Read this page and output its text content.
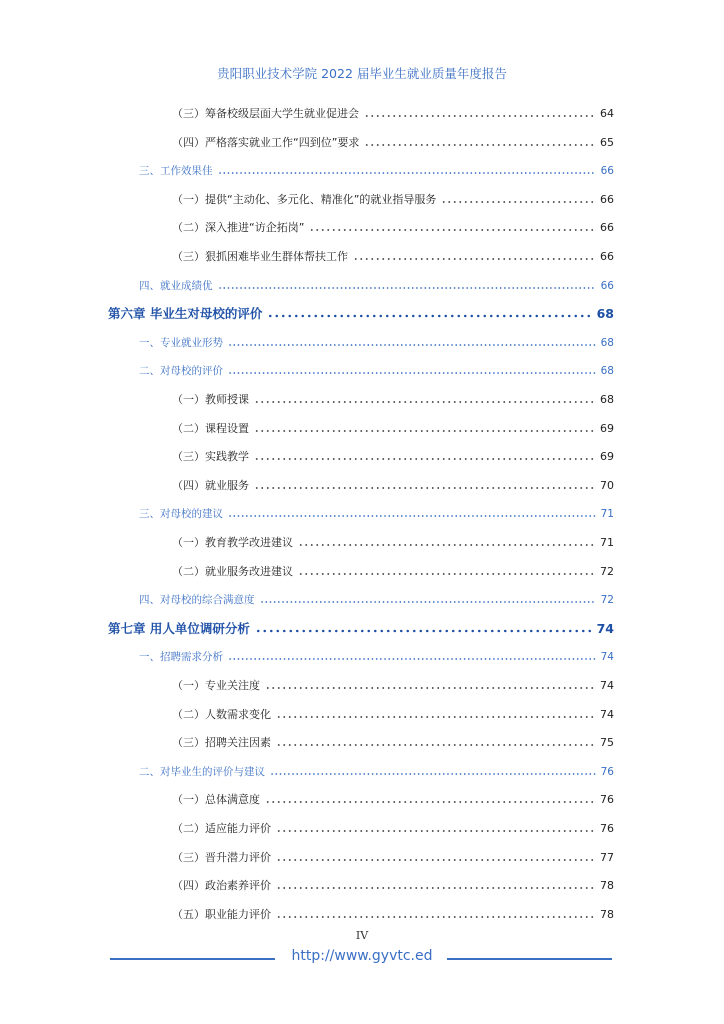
贵阳职业技术学院 2022 届毕业生就业质量年度报告
（三）筹备校级层面大学生就业促进会	64
（四）严格落实就业工作“四到位”要求	65
三、工作效果佳	66
（一）提供“主动化、多元化、精准化”的就业指导服务	66
（二）深入推进“访企拓岗”	66
（三）狠抓困难毕业生群体帮扶工作	66
四、就业成绩优	66
第六章 毕业生对母校的评价	68
一、专业就业形势	68
二、对母校的评价	68
（一）教师授课	68
（二）课程设置	69
（三）实践教学	69
（四）就业服务	70
三、对母校的建议	71
（一）教育教学改进建议	71
（二）就业服务改进建议	72
四、对母校的综合满意度	72
第七章 用人单位调研分析	74
一、招聘需求分析	74
（一）专业关注度	74
（二）人数需求变化	74
（三）招聘关注因素	75
二、对毕业生的评价与建议	76
（一）总体满意度	76
（二）适应能力评价	76
（三）晋升潜力评价	77
（四）政治素养评价	78
（五）职业能力评价	78
IV
http://www.gyvtc.ed
